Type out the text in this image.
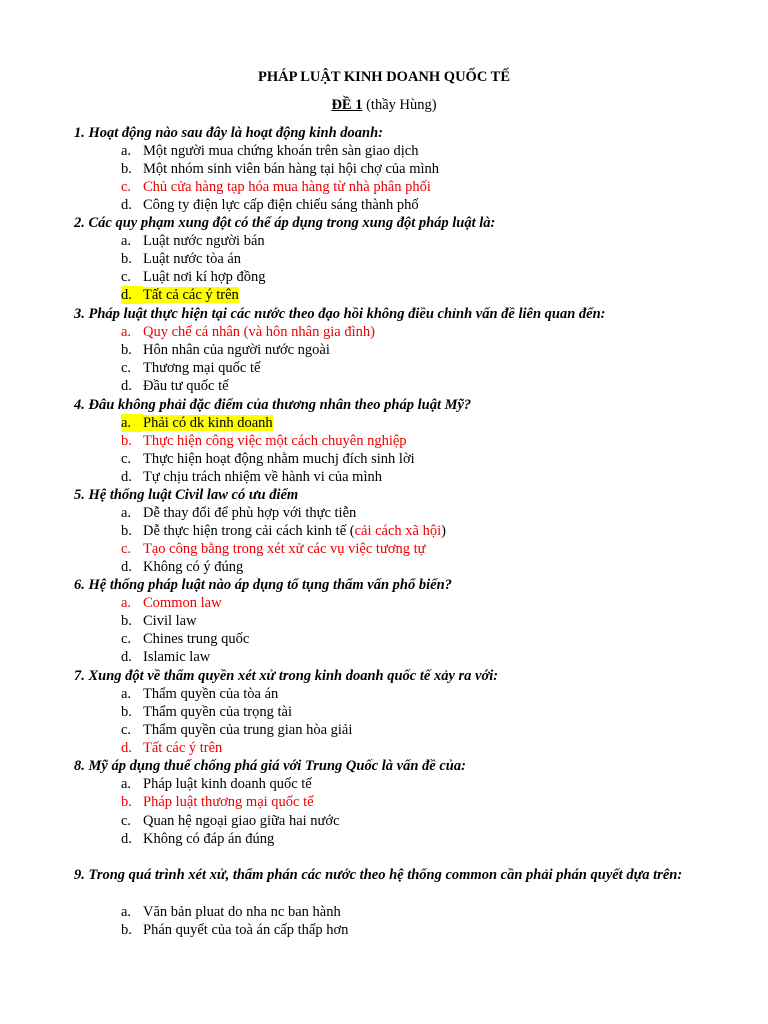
PHÁP LUẬT KINH DOANH QUỐC TẾ
ĐỀ 1 (thầy Hùng)
1. Hoạt động nào sau đây là hoạt động kinh doanh:
a. Một người mua chứng khoán trên sàn giao dịch
b. Một nhóm sinh viên bán hàng tại hội chợ của mình
c. Chủ cửa hàng tạp hóa mua hàng từ nhà phân phối
d. Công ty điện lực cấp điện chiếu sáng thành phố
2. Các quy phạm xung đột có thể áp dụng trong xung đột pháp luật là:
a. Luật nước người bán
b. Luật nước tòa án
c. Luật nơi kí hợp đồng
d. Tất cả các ý trên
3. Pháp luật thực hiện tại các nước theo đạo hồi không điều chỉnh vấn đề liên quan đến:
a. Quy chế cá nhân (và hôn nhân gia đình)
b. Hôn nhân của người nước ngoài
c. Thương mại quốc tế
d. Đầu tư quốc tế
4. Đâu không phải đặc điểm của thương nhân theo pháp luật Mỹ?
a. Phải có dk kinh doanh
b. Thực hiện công việc một cách chuyên nghiệp
c. Thực hiện hoạt động nhằm muchj đích sinh lời
d. Tự chịu trách nhiệm về hành vi của mình
5. Hệ thống luật Civil law có ưu điểm
a. Dễ thay đổi để phù hợp với thực tiễn
b. Dễ thực hiện trong cải cách kinh tế (cải cách xã hội)
c. Tạo công bằng trong xét xử các vụ việc tương tự
d. Không có ý đúng
6. Hệ thống pháp luật nào áp dụng tố tụng thẩm vấn phổ biến?
a. Common law
b. Civil law
c. Chines trung quốc
d. Islamic law
7. Xung đột về thẩm quyền xét xử trong kinh doanh quốc tế xảy ra với:
a. Thẩm quyền của tòa án
b. Thẩm quyền của trọng tài
c. Thẩm quyền của trung gian hòa giải
d. Tất các ý trên
8. Mỹ áp dụng thuế chống phá giá với Trung Quốc là vấn đề của:
a. Pháp luật kinh doanh quốc tế
b. Pháp luật thương mại quốc tế
c. Quan hệ ngoại giao giữa hai nước
d. Không có đáp án đúng
9. Trong quá trình xét xử, thẩm phán các nước theo hệ thống common cần phải phán quyết dựa trên:
a. Văn bản pluat do nha nc ban hành
b. Phán quyết của toà án cấp thấp hơn
